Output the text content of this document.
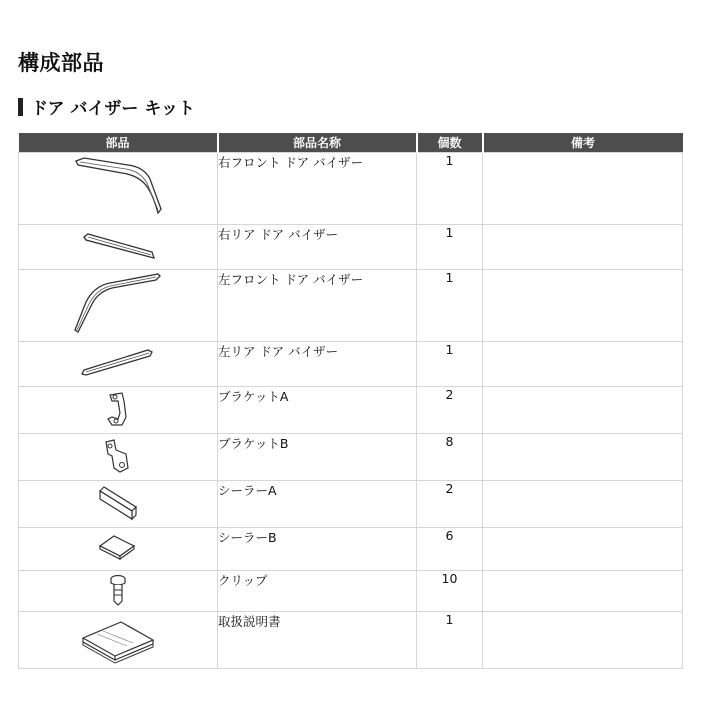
構成部品
ドア バイザー キット
部品	部品名称	個数	備考

	右フロント ドア バイザー	1	

	右リア ドア バイザー	1	

	左フロント ドア バイザー	1	

	左リア ドア バイザー	1	

	ブラケットA	2	

	ブラケットB	8	

	シーラーA	2	

	シーラーB	6	

	クリップ	10	

	取扱説明書	1	
